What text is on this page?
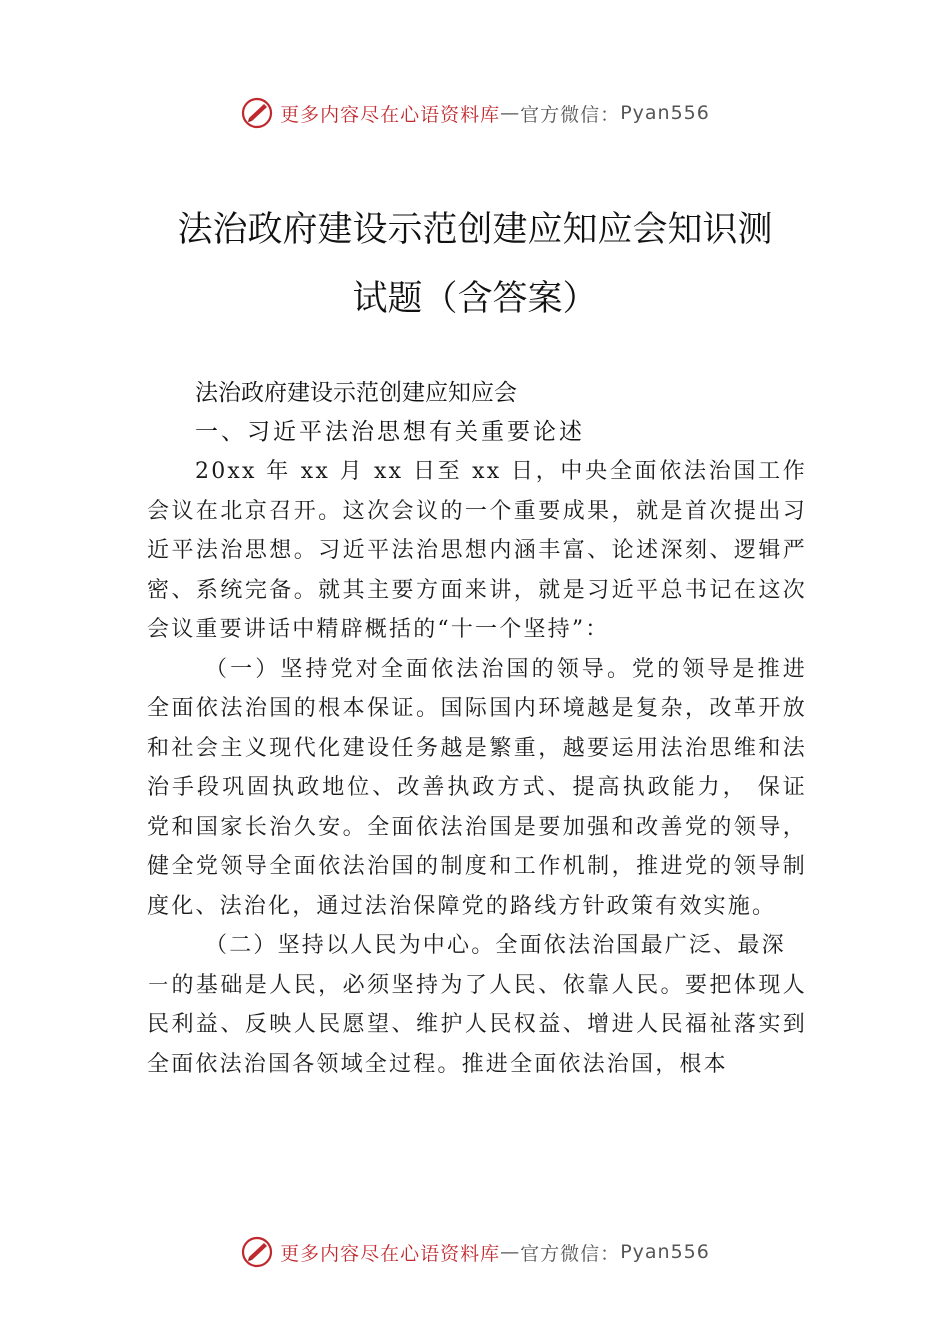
更多内容尽在心语资料库 — 官方微信： Pyan556
法治政府建设示范创建应知应会知识测
试题（含答案）

法治政府建设示范创建应知应会

一、习近平法治思想有关重要论述

20xx 年 xx 月 xx 日至 xx 日，中央全面依法治国工作会议在北京召开。这次会议的一个重要成果，就是首次提出习近平法治思想。习近平法治思想内涵丰富、论述深刻、逻辑严密、系统完备。就其主要方面来讲，就是习近平总书记在这次会议重要讲话中精辟概括的“十一个坚持”：

（一）坚持党对全面依法治国的领导。党的领导是推进全面依法治国的根本保证。国际国内环境越是复杂，改革开放和社会主义现代化建设任务越是繁重，越要运用法治思维和法治手段巩固执政地位、改善执政方式、提高执政能力， 保证党和国家长治久安。全面依法治国是要加强和改善党的领导，健全党领导全面依法治国的制度和工作机制，推进党的领导制度化、法治化，通过法治保障党的路线方针政策有效实施。

（二）坚持以人民为中心。全面依法治国最广泛、最深

㇐的基础是人民，必须坚持为了人民、依靠人民。要把体现人民利益、反映人民愿望、维护人民权益、增进人民福祉落实到全面依法治国各领域全过程。推进全面依法治国，根本

更多内容尽在心语资料库 — 官方微信： Pyan556
